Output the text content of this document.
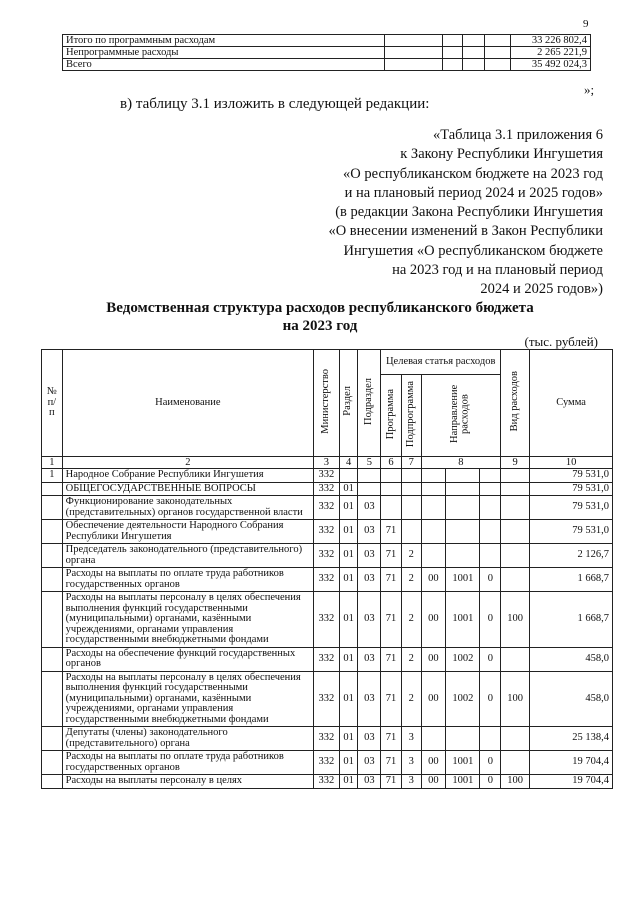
9
Итого по программным расходам					33 226 802,4
Непрограммные расходы					2 265 221,9
Всего					35 492 024,3
»;
в) таблицу 3.1 изложить в следующей редакции:
«Таблица 3.1 приложения 6
к Закону Республики Ингушетия
«О республиканском бюджете на 2023 год
и на плановый период 2024 и 2025 годов»
(в редакции Закона Республики Ингушетия
«О внесении изменений в Закон Республики
Ингушетия «О республиканском бюджете
на 2023 год и на плановый период
2024 и 2025 годов»)
Ведомственная структура расходов республиканского бюджета
на 2023 год
(тыс. рублей)
№ п/ п	Наименование	Министерство	Раздел	Подраздел	Целевая статья расходов					Вид расходов	Сумма
					Программа	Подпрограмма	Направление расходов				
1	2	3	4	5	6	7	8			9	10
1	Народное Собрание Республики Ингушетия	332									79 531,0
	ОБЩЕГОСУДАРСТВЕННЫЕ ВОПРОСЫ	332	01								79 531,0
	Функционирование законодательных (представительных) органов государственной власти	332	01	03							79 531,0
	Обеспечение деятельности Народного Собрания Республики Ингушетия	332	01	03	71						79 531,0
	Председатель законодательного (представительного) органа	332	01	03	71	2					2 126,7
	Расходы на выплаты по оплате труда работников государственных органов	332	01	03	71	2	00	1001	0		1 668,7
	Расходы на выплаты персоналу в целях обеспечения выполнения функций государственными (муниципальными) органами, казёнными учреждениями, органами управления государственными внебюджетными фондами	332	01	03	71	2	00	1001	0	100	1 668,7
	Расходы на обеспечение функций государственных органов	332	01	03	71	2	00	1002	0		458,0
	Расходы на выплаты персоналу в целях обеспечения выполнения функций государственными (муниципальными) органами, казёнными учреждениями, органами управления государственными внебюджетными фондами	332	01	03	71	2	00	1002	0	100	458,0
	Депутаты (члены) законодательного (представительного) органа	332	01	03	71	3					25 138,4
	Расходы на выплаты по оплате труда работников государственных органов	332	01	03	71	3	00	1001	0		19 704,4
	Расходы на выплаты персоналу в целях	332	01	03	71	3	00	1001	0	100	19 704,4
